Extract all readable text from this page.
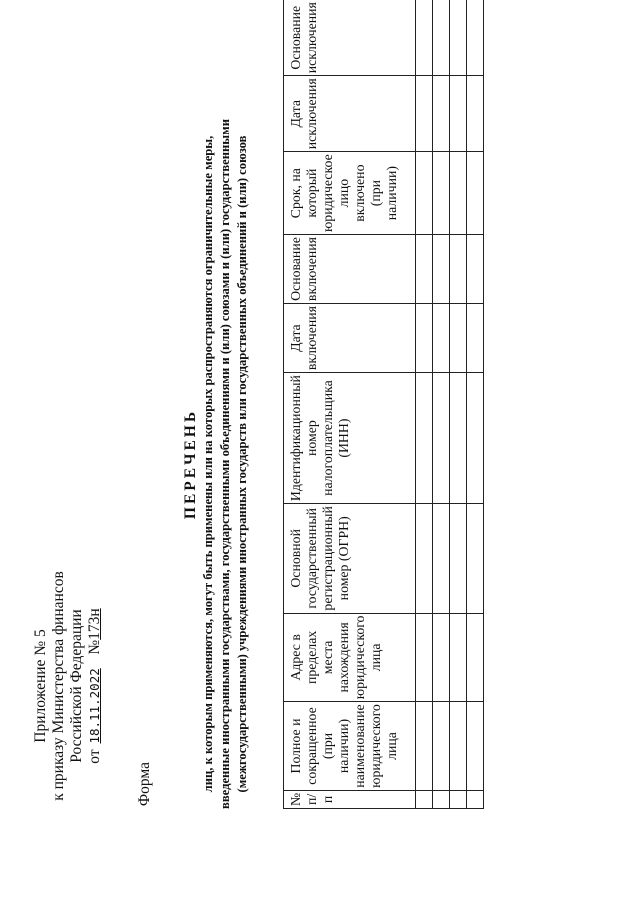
Приложение № 5 к приказу Министерства финансов Российской Федерации от 18.11.2022   №173н
Форма
ПЕРЕЧЕНЬ лиц, к которым применяются, могут быть применены или на которых распространяются ограничительные меры, введенные иностранными государствами, государственными объединениями и (или) союзами и (или) государственными (межгосударственными) учреждениями иностранных государств или государственных объединений и (или) союзов
№ п/п	Полное и сокращенное (при наличии) наименование юридического лица	Адрес в пределах места нахождения юридического лица	Основной государственный регистрационный номер (ОГРН)	Идентификационный номер налогоплательщика (ИНН)	Дата включения	Основание включения	Срок, на который юридическое лицо включено (при наличии)	Дата исключения	Основание исключения
